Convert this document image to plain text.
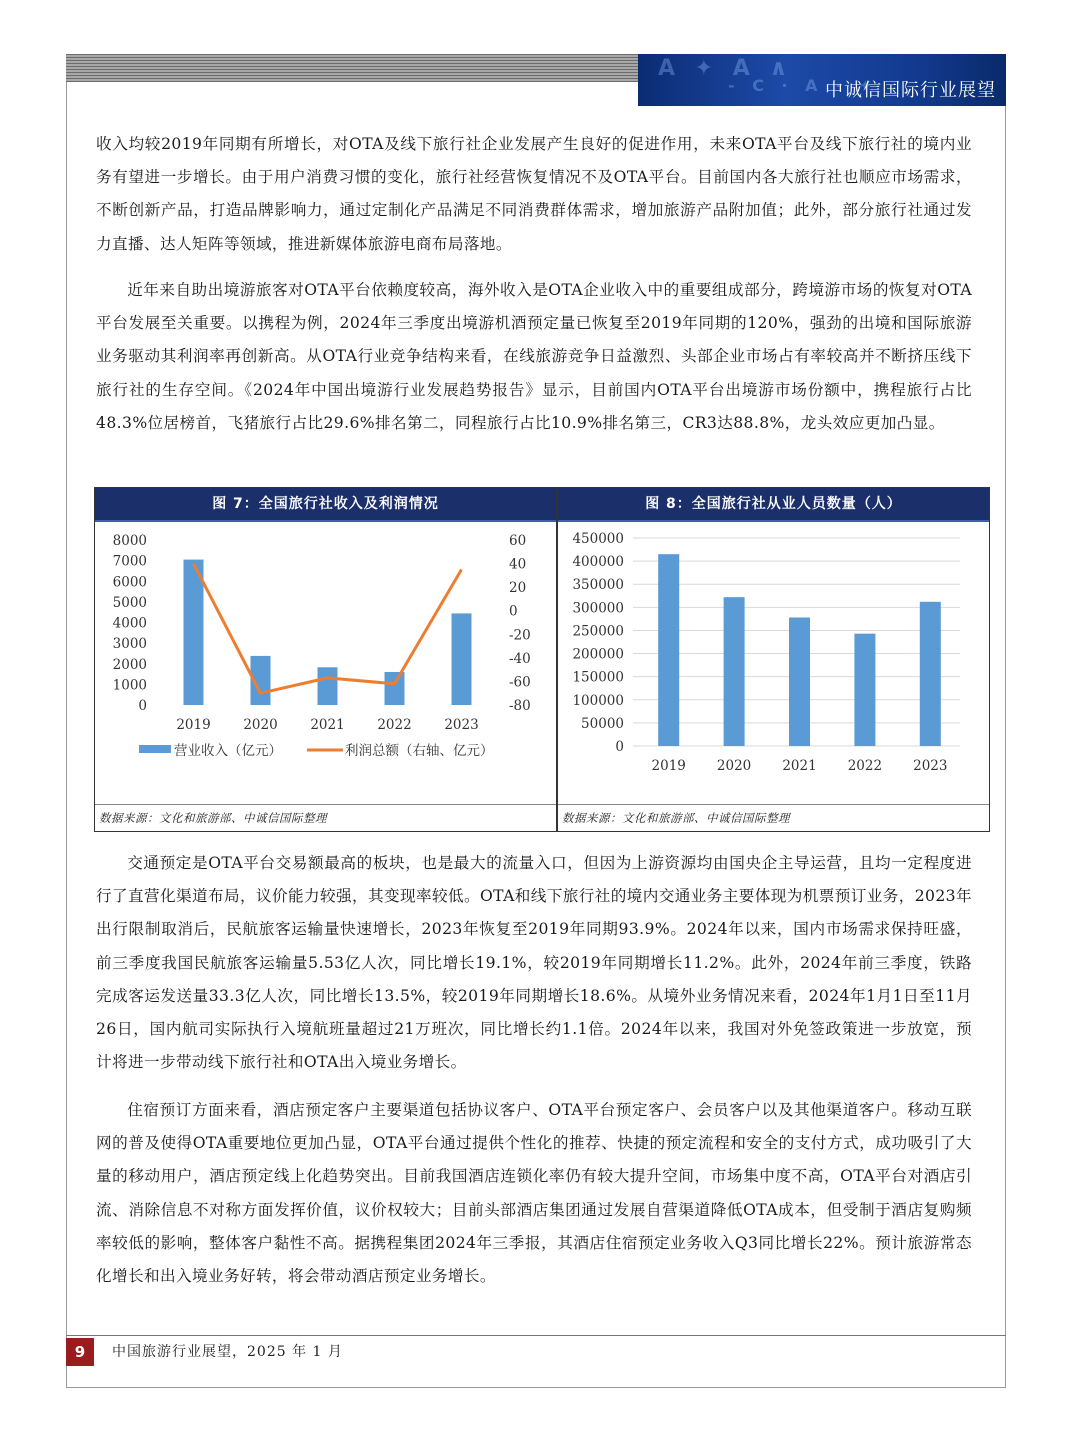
A ✦ A ∧
- C · A · ✦
中诚信国际行业展望

收入均较2019年同期有所增长，对OTA及线下旅行社企业发展产生良好的促进作用，未来OTA平台及线下旅行社的境内业务有望进一步增长。由于用户消费习惯的变化，旅行社经营恢复情况不及OTA平台。目前国内各大旅行社也顺应市场需求，不断创新产品，打造品牌影响力，通过定制化产品满足不同消费群体需求，增加旅游产品附加值；此外，部分旅行社通过发力直播、达人矩阵等领域，推进新媒体旅游电商布局落地。

近年来自助出境游旅客对OTA平台依赖度较高，海外收入是OTA企业收入中的重要组成部分，跨境游市场的恢复对OTA平台发展至关重要。以携程为例，2024年三季度出境游机酒预定量已恢复至2019年同期的120%，强劲的出境和国际旅游业务驱动其利润率再创新高。从OTA行业竞争结构来看，在线旅游竞争日益激烈、头部企业市场占有率较高并不断挤压线下旅行社的生存空间。《2024年中国出境游行业发展趋势报告》显示，目前国内OTA平台出境游市场份额中，携程旅行占比48.3%位居榜首，飞猪旅行占比29.6%排名第二，同程旅行占比10.9%排名第三，CR3达88.8%，龙头效应更加凸显。

图 7：全国旅行社收入及利润情况
8000
7000
6000
5000
4000
3000
2000
1000
0
60
40
20
0
-20
-40
-60
-80
2019 2020 2021 2022 2023
营业收入（亿元）	利润总额（右轴、亿元）
数据来源：文化和旅游部、中诚信国际整理
图 8：全国旅行社从业人员数量（人）
450000
400000
350000
300000
250000
200000
150000
100000
50000
0
2019 2020 2021 2022 2023
数据来源：文化和旅游部、中诚信国际整理

交通预定是OTA平台交易额最高的板块，也是最大的流量入口，但因为上游资源均由国央企主导运营，且均一定程度进行了直营化渠道布局，议价能力较强，其变现率较低。OTA和线下旅行社的境内交通业务主要体现为机票预订业务，2023年出行限制取消后，民航旅客运输量快速增长，2023年恢复至2019年同期93.9%。2024年以来，国内市场需求保持旺盛，前三季度我国民航旅客运输量5.53亿人次，同比增长19.1%，较2019年同期增长11.2%。此外，2024年前三季度，铁路完成客运发送量33.3亿人次，同比增长13.5%，较2019年同期增长18.6%。从境外业务情况来看，2024年1月1日至11月26日，国内航司实际执行入境航班量超过21万班次，同比增长约1.1倍。2024年以来，我国对外免签政策进一步放宽，预计将进一步带动线下旅行社和OTA出入境业务增长。

住宿预订方面来看，酒店预定客户主要渠道包括协议客户、OTA平台预定客户、会员客户以及其他渠道客户。移动互联网的普及使得OTA重要地位更加凸显，OTA平台通过提供个性化的推荐、快捷的预定流程和安全的支付方式，成功吸引了大量的移动用户，酒店预定线上化趋势突出。目前我国酒店连锁化率仍有较大提升空间，市场集中度不高，OTA平台对酒店引流、消除信息不对称方面发挥价值，议价权较大；目前头部酒店集团通过发展自营渠道降低OTA成本，但受制于酒店复购频率较低的影响，整体客户黏性不高。据携程集团2024年三季报，其酒店住宿预定业务收入Q3同比增长22%。预计旅游常态化增长和出入境业务好转，将会带动酒店预定业务增长。

9	中国旅游行业展望，2025 年 1 月
